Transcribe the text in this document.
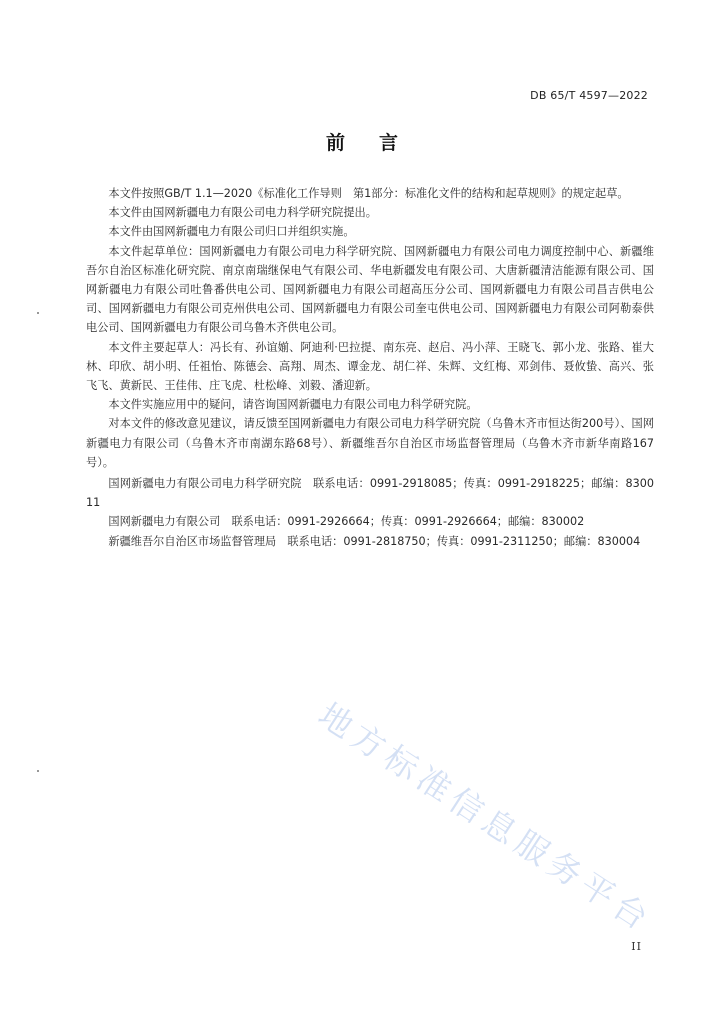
DB 65/T 4597—2022
前言

本文件按照GB/T 1.1—2020《标准化工作导则　第1部分：标准化文件的结构和起草规则》的规定起草。

本文件由国网新疆电力有限公司电力科学研究院提出。

本文件由国网新疆电力有限公司归口并组织实施。

本文件起草单位：国网新疆电力有限公司电力科学研究院、国网新疆电力有限公司电力调度控制中心、新疆维吾尔自治区标准化研究院、南京南瑞继保电气有限公司、华电新疆发电有限公司、大唐新疆清洁能源有限公司、国网新疆电力有限公司吐鲁番供电公司、国网新疆电力有限公司超高压分公司、国网新疆电力有限公司昌吉供电公司、国网新疆电力有限公司克州供电公司、国网新疆电力有限公司奎屯供电公司、国网新疆电力有限公司阿勒泰供电公司、国网新疆电力有限公司乌鲁木齐供电公司。

本文件主要起草人：冯长有、孙谊媊、阿迪利·巴拉提、南东亮、赵启、冯小萍、王晓飞、郭小龙、张路、崔大林、印欣、胡小明、任祖怡、陈德会、高翔、周杰、谭金龙、胡仁祥、朱辉、文红梅、邓剑伟、聂攸蛰、高兴、张飞飞、黄新民、王佳伟、庄飞虎、杜松峰、刘毅、潘迎新。

本文件实施应用中的疑问，请咨询国网新疆电力有限公司电力科学研究院。

对本文件的修改意见建议，请反馈至国网新疆电力有限公司电力科学研究院（乌鲁木齐市恒达街200号）、国网新疆电力有限公司（乌鲁木齐市南湖东路68号）、新疆维吾尔自治区市场监督管理局（乌鲁木齐市新华南路167号）。

国网新疆电力有限公司电力科学研究院　联系电话：0991-2918085；传真：0991-2918225；邮编：830011

国网新疆电力有限公司　联系电话：0991-2926664；传真：0991-2926664；邮编：830002

新疆维吾尔自治区市场监督管理局　联系电话：0991-2818750；传真：0991-2311250；邮编：830004

地方标准信息服务平台
II
